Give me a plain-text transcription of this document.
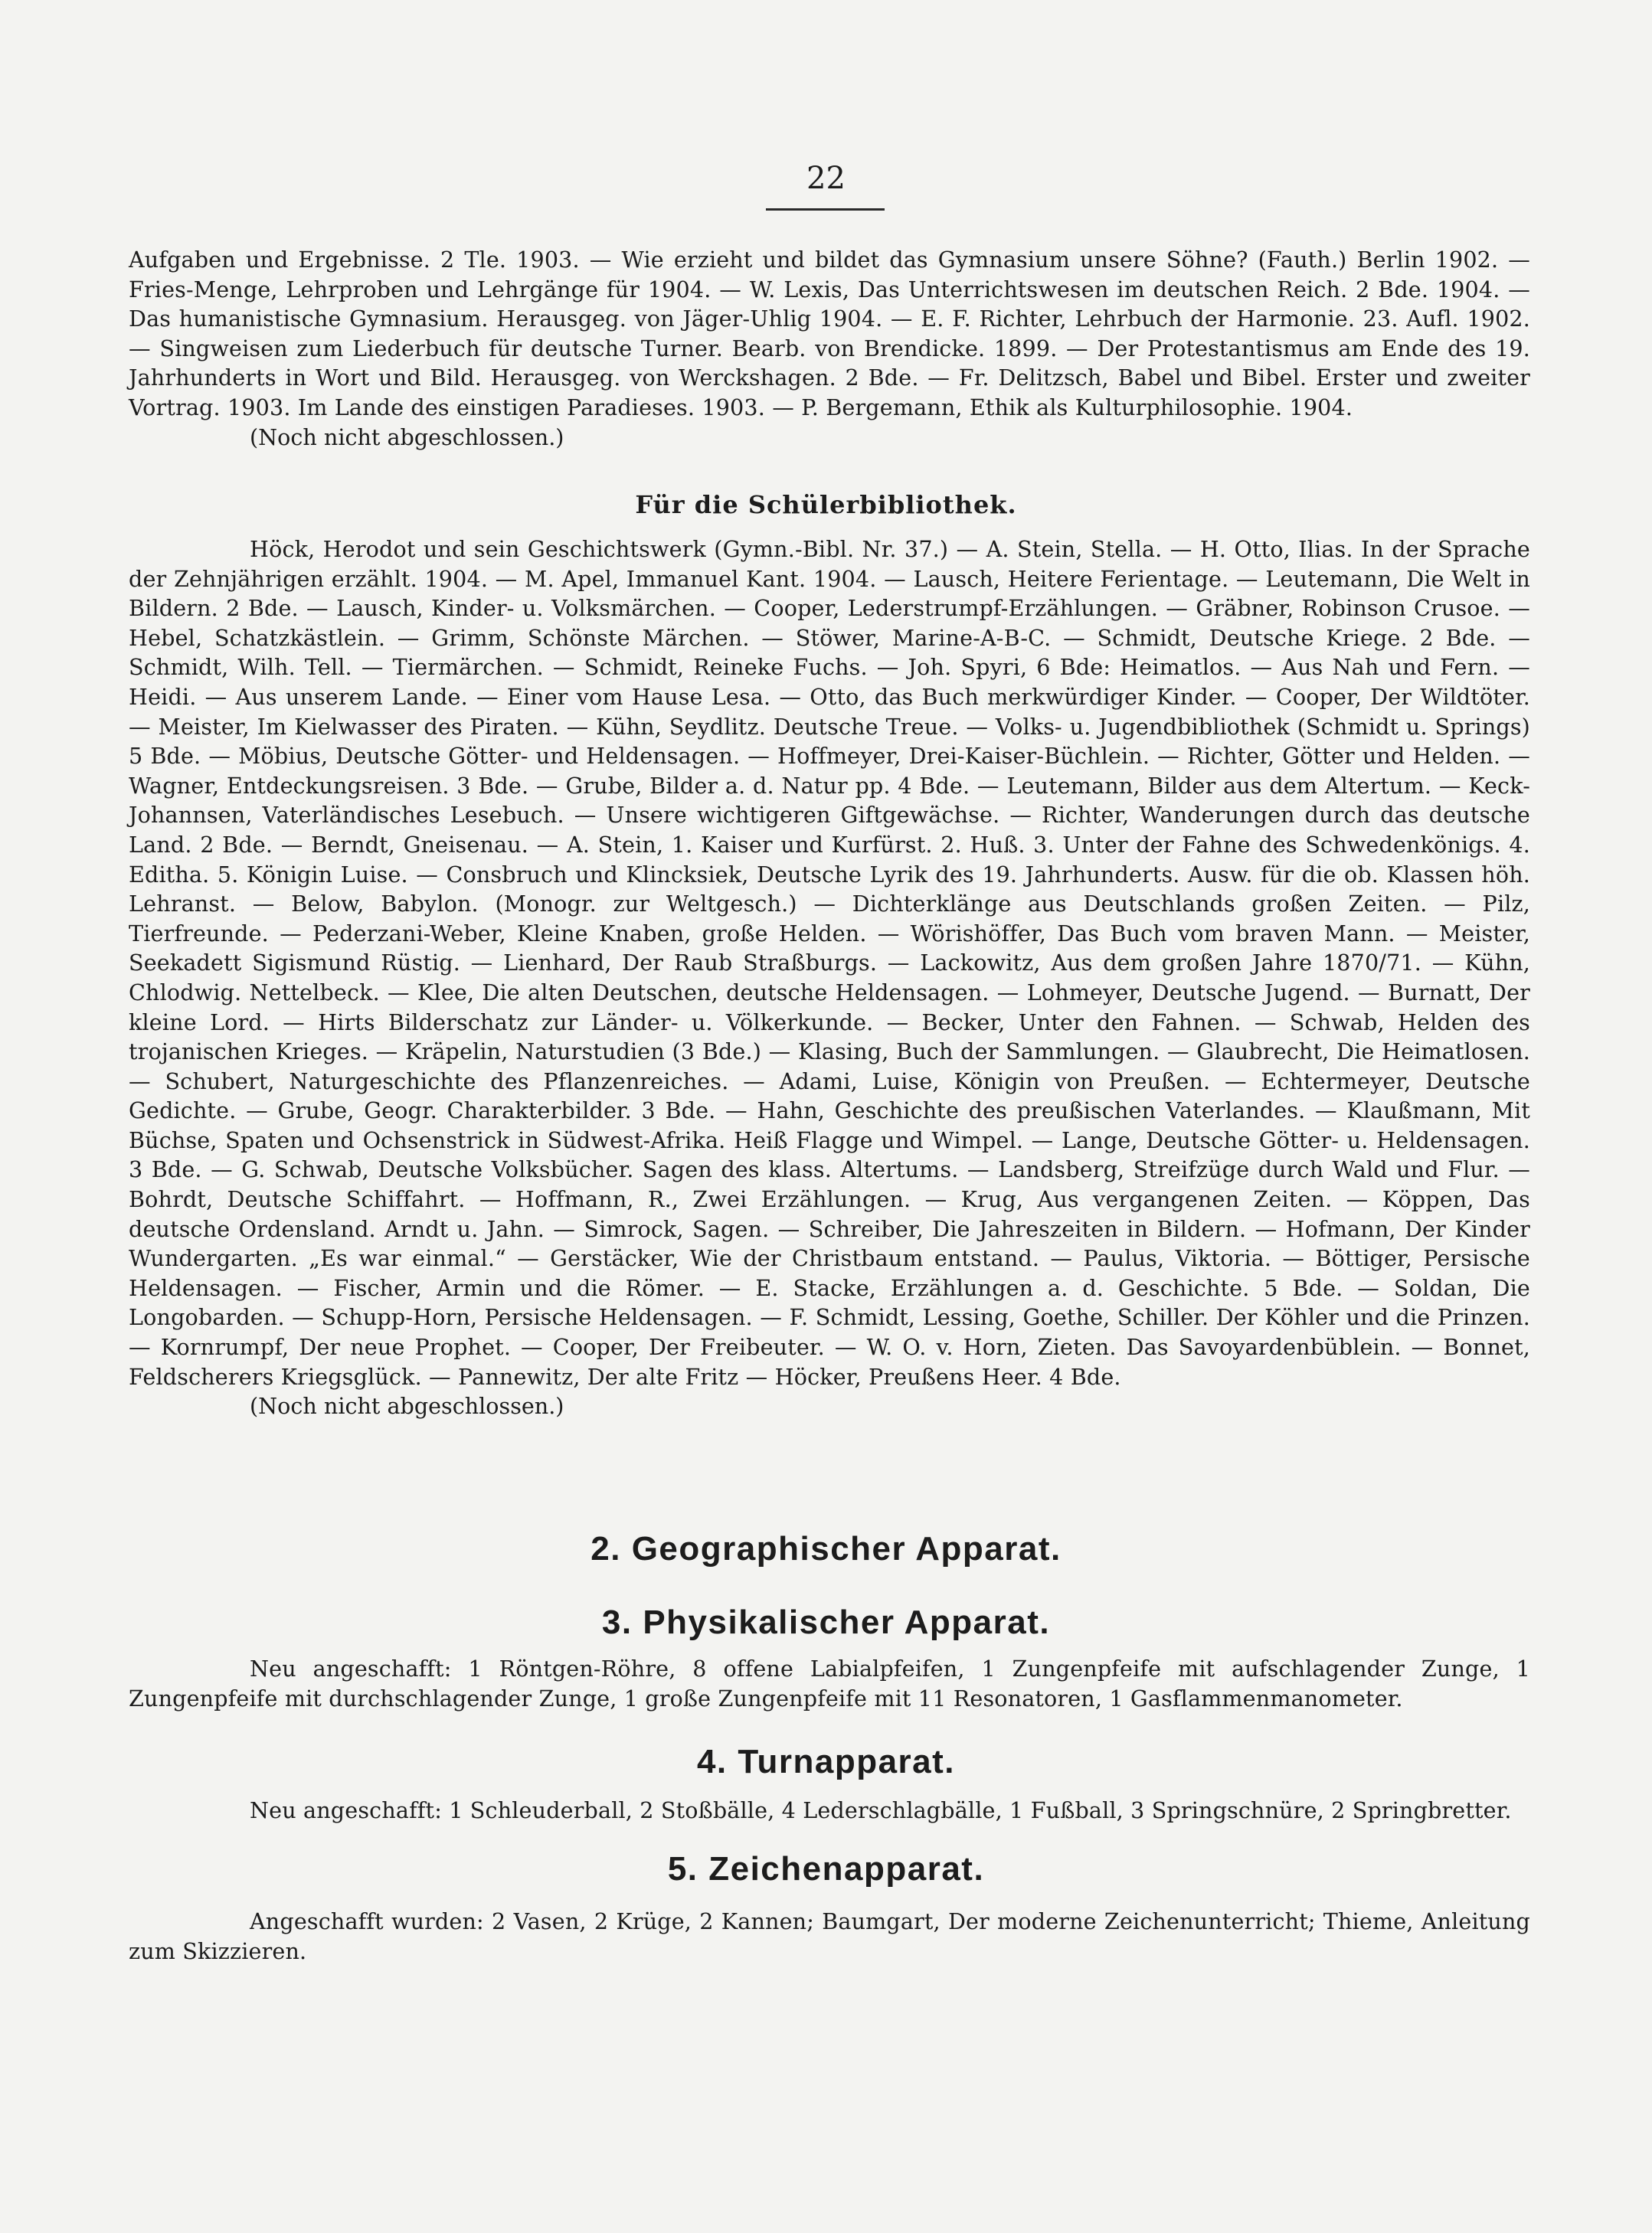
22

Aufgaben und Ergebnisse. 2 Tle. 1903. — Wie erzieht und bildet das Gymnasium unsere Söhne? (Fauth.) Berlin 1902. — Fries-Menge, Lehrproben und Lehrgänge für 1904. — W. Lexis, Das Unterrichtswesen im deutschen Reich. 2 Bde. 1904. — Das humanistische Gymnasium. Herausgeg. von Jäger-Uhlig 1904. — E. F. Richter, Lehrbuch der Harmonie. 23. Aufl. 1902. — Singweisen zum Liederbuch für deutsche Turner. Bearb. von Brendicke. 1899. — Der Protestantismus am Ende des 19. Jahrhunderts in Wort und Bild. Herausgeg. von Werckshagen. 2 Bde. — Fr. Delitzsch, Babel und Bibel. Erster und zweiter Vortrag. 1903. Im Lande des einstigen Paradieses. 1903. — P. Bergemann, Ethik als Kulturphilosophie. 1904.

(Noch nicht abgeschlossen.)

Für die Schülerbibliothek.

Höck, Herodot und sein Geschichtswerk (Gymn.-Bibl. Nr. 37.) — A. Stein, Stella. — H. Otto, Ilias. In der Sprache der Zehnjährigen erzählt. 1904. — M. Apel, Immanuel Kant. 1904. — Lausch, Heitere Ferientage. — Leutemann, Die Welt in Bildern. 2 Bde. — Lausch, Kinder- u. Volksmärchen. — Cooper, Lederstrumpf-Erzählungen. — Gräbner, Robinson Crusoe. — Hebel, Schatzkästlein. — Grimm, Schönste Märchen. — Stöwer, Marine-A-B-C. — Schmidt, Deutsche Kriege. 2 Bde. — Schmidt, Wilh. Tell. — Tiermärchen. — Schmidt, Reineke Fuchs. — Joh. Spyri, 6 Bde: Heimatlos. — Aus Nah und Fern. — Heidi. — Aus unserem Lande. — Einer vom Hause Lesa. — Otto, das Buch merkwürdiger Kinder. — Cooper, Der Wildtöter. — Meister, Im Kielwasser des Piraten. — Kühn, Seydlitz. Deutsche Treue. — Volks- u. Jugendbibliothek (Schmidt u. Springs) 5 Bde. — Möbius, Deutsche Götter- und Heldensagen. — Hoffmeyer, Drei-Kaiser-Büchlein. — Richter, Götter und Helden. — Wagner, Entdeckungsreisen. 3 Bde. — Grube, Bilder a. d. Natur pp. 4 Bde. — Leutemann, Bilder aus dem Altertum. — Keck-Johannsen, Vaterländisches Lesebuch. — Unsere wichtigeren Giftgewächse. — Richter, Wanderungen durch das deutsche Land. 2 Bde. — Berndt, Gneisenau. — A. Stein, 1. Kaiser und Kurfürst. 2. Huß. 3. Unter der Fahne des Schwedenkönigs. 4. Editha. 5. Königin Luise. — Consbruch und Klincksiek, Deutsche Lyrik des 19. Jahrhunderts. Ausw. für die ob. Klassen höh. Lehranst. — Below, Babylon. (Monogr. zur Weltgesch.) — Dichterklänge aus Deutschlands großen Zeiten. — Pilz, Tierfreunde. — Pederzani-Weber, Kleine Knaben, große Helden. — Wörishöffer, Das Buch vom braven Mann. — Meister, Seekadett Sigismund Rüstig. — Lienhard, Der Raub Straßburgs. — Lackowitz, Aus dem großen Jahre 1870/71. — Kühn, Chlodwig. Nettelbeck. — Klee, Die alten Deutschen, deutsche Heldensagen. — Lohmeyer, Deutsche Jugend. — Burnatt, Der kleine Lord. — Hirts Bilderschatz zur Länder- u. Völkerkunde. — Becker, Unter den Fahnen. — Schwab, Helden des trojanischen Krieges. — Kräpelin, Naturstudien (3 Bde.) — Klasing, Buch der Sammlungen. — Glaubrecht, Die Heimatlosen. — Schubert, Naturgeschichte des Pflanzenreiches. — Adami, Luise, Königin von Preußen. — Echtermeyer, Deutsche Gedichte. — Grube, Geogr. Charakterbilder. 3 Bde. — Hahn, Geschichte des preußischen Vaterlandes. — Klaußmann, Mit Büchse, Spaten und Ochsenstrick in Südwest-Afrika. Heiß Flagge und Wimpel. — Lange, Deutsche Götter- u. Heldensagen. 3 Bde. — G. Schwab, Deutsche Volksbücher. Sagen des klass. Altertums. — Landsberg, Streifzüge durch Wald und Flur. — Bohrdt, Deutsche Schiffahrt. — Hoffmann, R., Zwei Erzählungen. — Krug, Aus vergangenen Zeiten. — Köppen, Das deutsche Ordensland. Arndt u. Jahn. — Simrock, Sagen. — Schreiber, Die Jahreszeiten in Bildern. — Hofmann, Der Kinder Wundergarten. „Es war einmal.“ — Gerstäcker, Wie der Christbaum entstand. — Paulus, Viktoria. — Böttiger, Persische Heldensagen. — Fischer, Armin und die Römer. — E. Stacke, Erzählungen a. d. Geschichte. 5 Bde. — Soldan, Die Longobarden. — Schupp-Horn, Persische Heldensagen. — F. Schmidt, Lessing, Goethe, Schiller. Der Köhler und die Prinzen. — Kornrumpf, Der neue Prophet. — Cooper, Der Freibeuter. — W. O. v. Horn, Zieten. Das Savoyardenbüblein. — Bonnet, Feldscherers Kriegsglück. — Pannewitz, Der alte Fritz — Höcker, Preußens Heer. 4 Bde.

(Noch nicht abgeschlossen.)

2. Geographischer Apparat.
3. Physikalischer Apparat.

Neu angeschafft: 1 Röntgen-Röhre, 8 offene Labialpfeifen, 1 Zungenpfeife mit aufschlagender Zunge, 1 Zungenpfeife mit durchschlagender Zunge, 1 große Zungenpfeife mit 11 Resonatoren, 1 Gasflammenmanometer.

4. Turnapparat.

Neu angeschafft: 1 Schleuderball, 2 Stoßbälle, 4 Lederschlagbälle, 1 Fußball, 3 Springschnüre, 2 Springbretter.

5. Zeichenapparat.

Angeschafft wurden: 2 Vasen, 2 Krüge, 2 Kannen; Baumgart, Der moderne Zeichenunterricht; Thieme, Anleitung zum Skizzieren.
